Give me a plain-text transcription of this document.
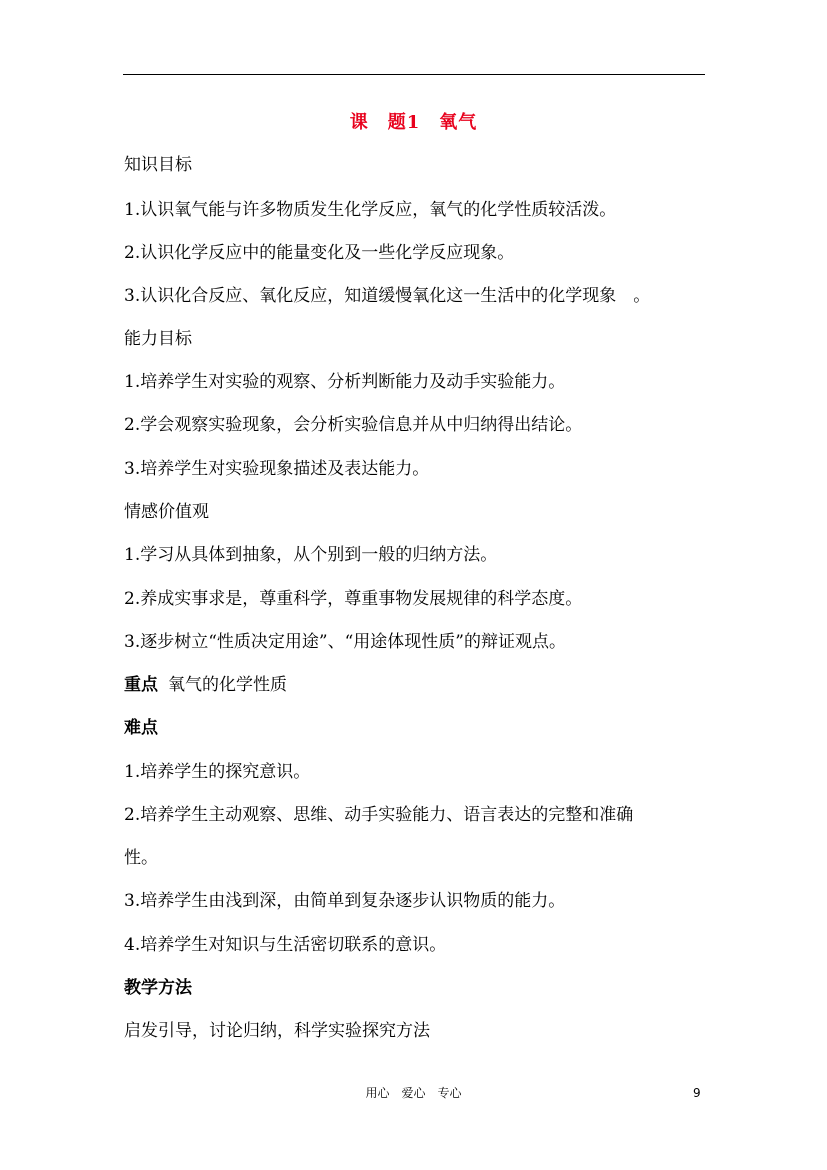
课　题1　氧气
知识目标
1.认识氧气能与许多物质发生化学反应，氧气的化学性质较活泼。
2.认识化学反应中的能量变化及一些化学反应现象。
3.认识化合反应、氧化反应，知道缓慢氧化这一生活中的化学现象　。
能力目标
1.培养学生对实验的观察、分析判断能力及动手实验能力。
2.学会观察实验现象，会分析实验信息并从中归纳得出结论。
3.培养学生对实验现象描述及表达能力。
情感价值观
1.学习从具体到抽象，从个别到一般的归纳方法。
2.养成实事求是，尊重科学，尊重事物发展规律的科学态度。
3.逐步树立“性质决定用途”、“用途体现性质”的辩证观点。
重点 氧气的化学性质
难点
1.培养学生的探究意识。
2.培养学生主动观察、思维、动手实验能力、语言表达的完整和准确
性。
3.培养学生由浅到深，由简单到复杂逐步认识物质的能力。
4.培养学生对知识与生活密切联系的意识。
教学方法
启发引导，讨论归纳，科学实验探究方法
用心　爱心　专心	9
